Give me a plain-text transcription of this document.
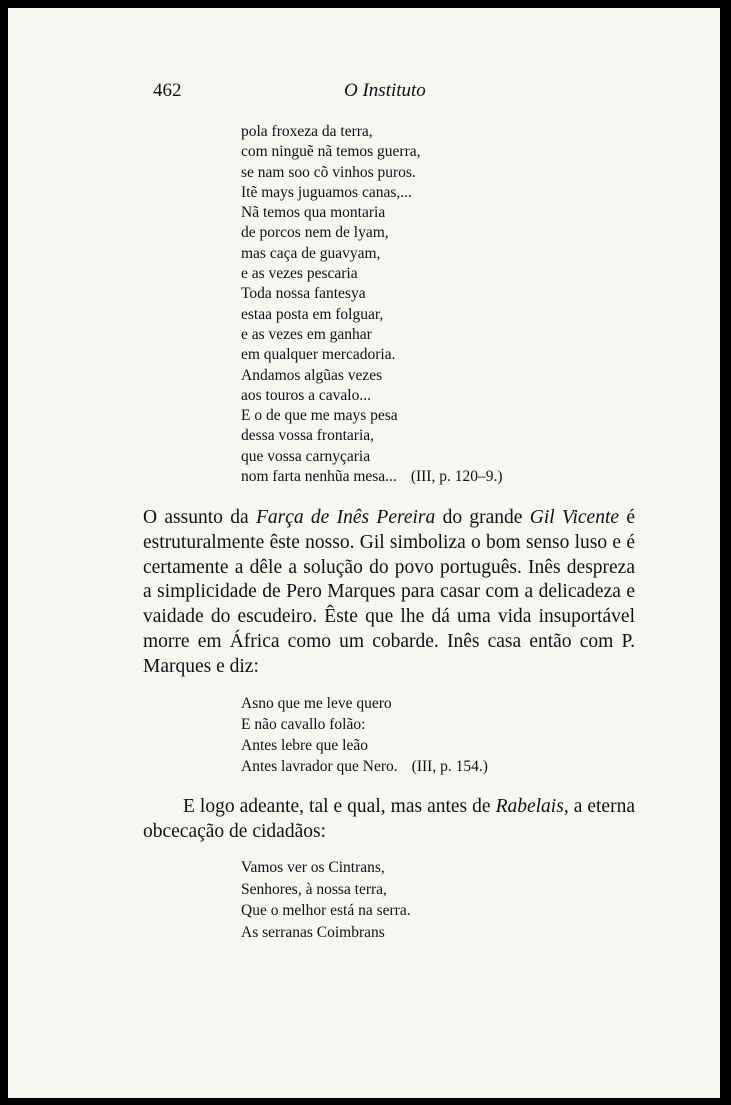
462	O Instituto
pola froxeza da terra,
com ninguẽ nã temos guerra,
se nam soo cõ vinhos puros.
Itẽ mays juguamos canas,...
Nã temos qua montaria
de porcos nem de lyam,
mas caça de guavyam,
e as vezes pescaria
Toda nossa fantesya
estaa posta em folguar,
e as vezes em ganhar
em qualquer mercadoria.
Andamos algũas vezes
aos touros a cavalo...
E o de que me mays pesa
dessa vossa frontaria,
que vossa carnyçaria
nom farta nenhũa mesa... (III, p. 120–9.)
O assunto da Farça de Inês Pereira do grande Gil Vicente é estruturalmente êste nosso. Gil simboliza o bom senso luso e é certamente a dêle a solução do povo português. Inês despreza a simplicidade de Pero Marques para casar com a delicadeza e vaidade do escudeiro. Êste que lhe dá uma vida insuportável morre em África como um cobarde. Inês casa então com P. Marques e diz:
Asno que me leve quero
E não cavallo folão:
Antes lebre que leão
Antes lavrador que Nero. (III, p. 154.)
E logo adeante, tal e qual, mas antes de Rabelais, a eterna obcecação de cidadãos:
Vamos ver os Cintrans,
Senhores, à nossa terra,
Que o melhor está na serra.
As serranas Coimbrans
